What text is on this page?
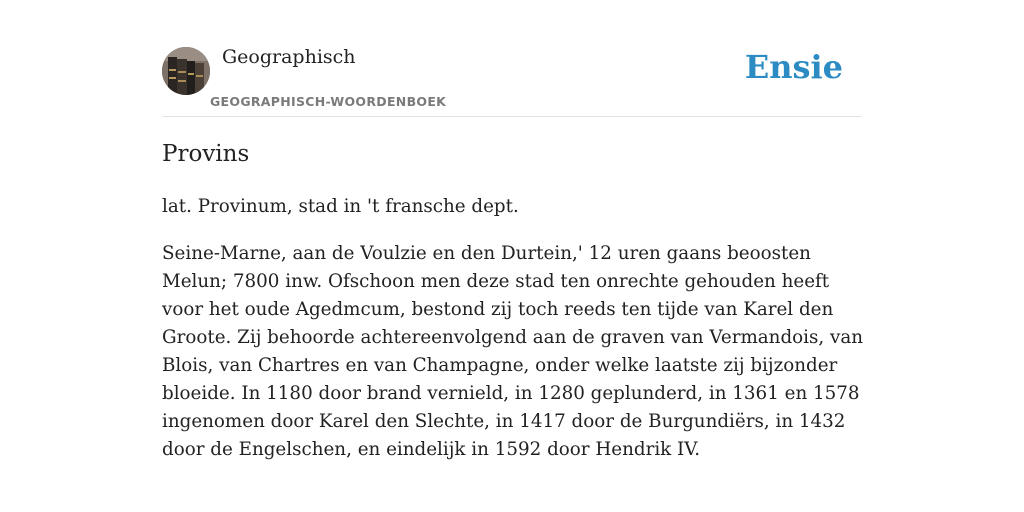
Geographisch
GEOGRAPHISCH-WOORDENBOEK
Ensie
Provins

lat. Provinum, stad in 't fransche dept.

Seine-Marne, aan de Voulzie en den Durtein,' 12 uren gaans beoosten Melun; 7800 inw. Ofschoon men deze stad ten onrechte gehouden heeft voor het oude Agedmcum, bestond zij toch reeds ten tijde van Karel den Groote. Zij behoorde achtereenvolgend aan de graven van Vermandois, van Blois, van Chartres en van Champagne, onder welke laatste zij bijzonder bloeide. In 1180 door brand vernield, in 1280 geplunderd, in 1361 en 1578 ingenomen door Karel den Slechte, in 1417 door de Burgundiërs, in 1432 door de Engelschen, en eindelijk in 1592 door Hendrik IV.
